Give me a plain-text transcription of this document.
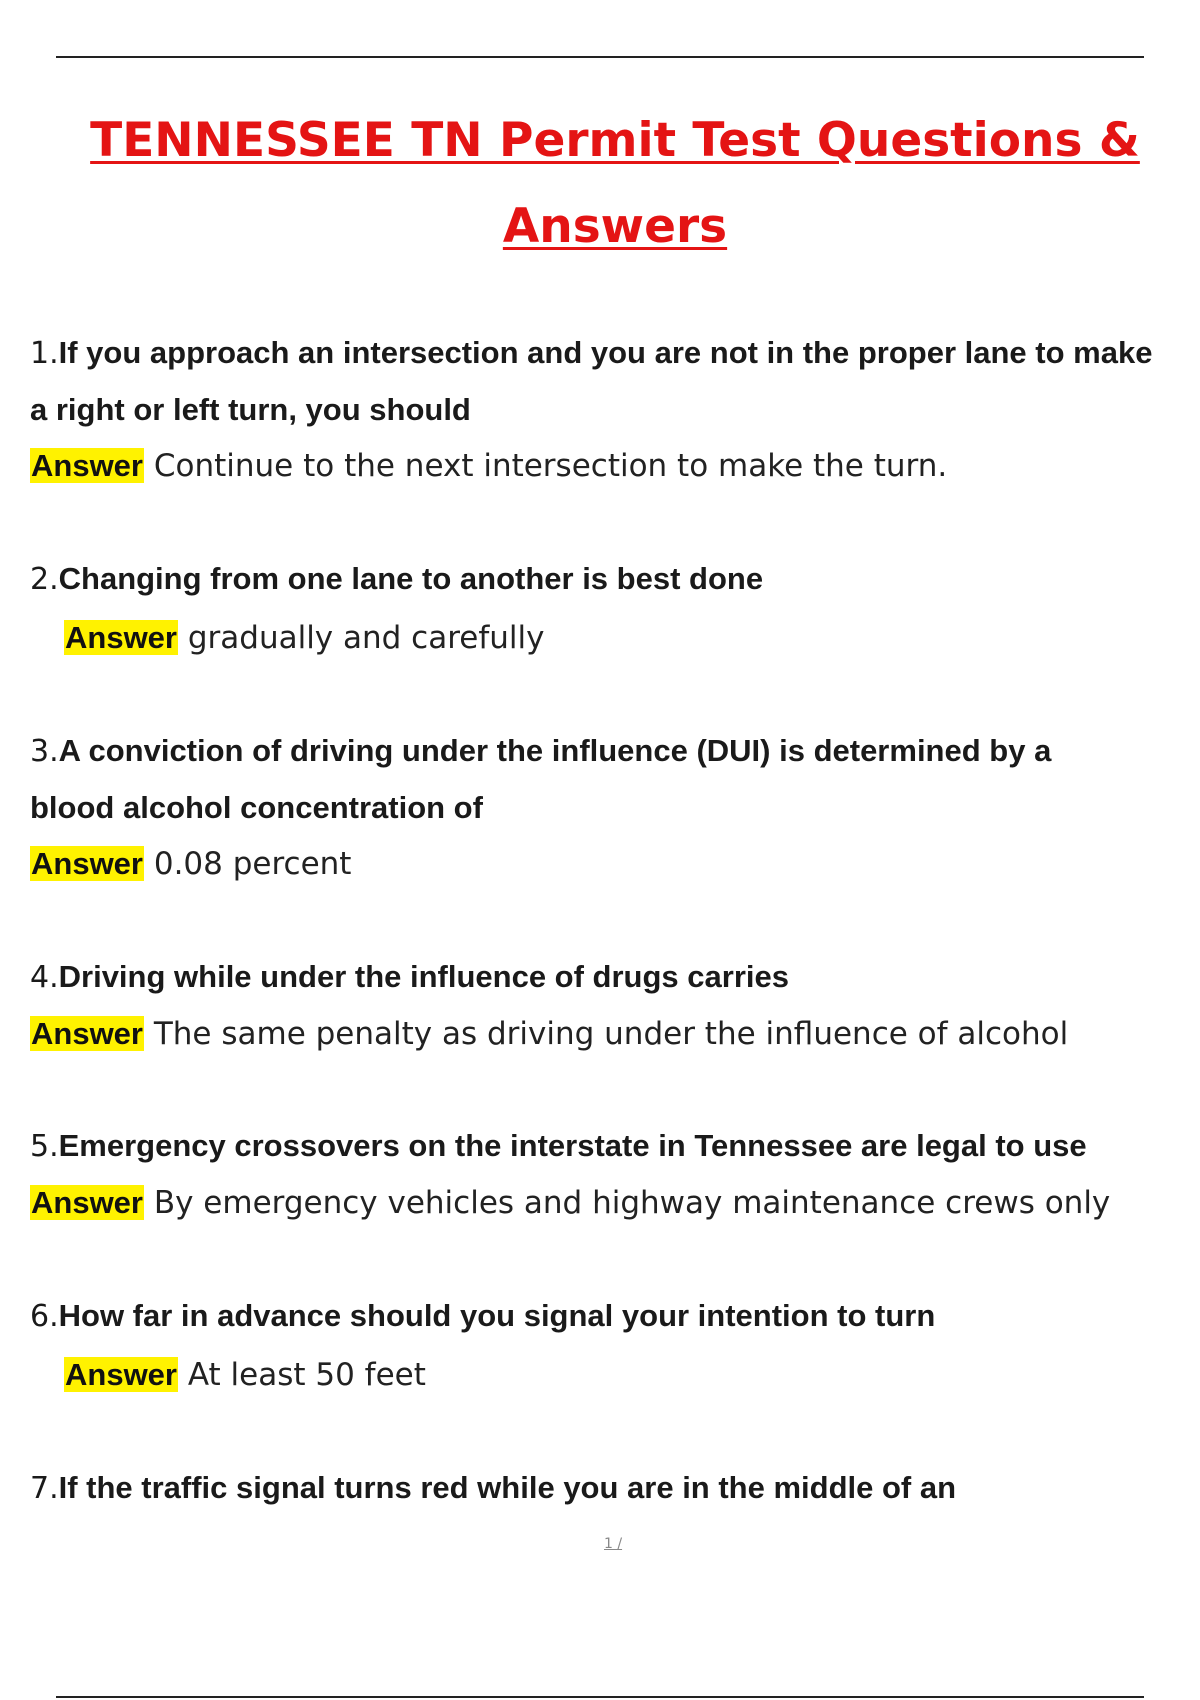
TENNESSEE TN Permit Test Questions &
Answers
1.If you approach an intersection and you are not in the proper lane to make
a right or left turn, you should
Answer Continue to the next intersection to make the turn.
2.Changing from one lane to another is best done
Answer gradually and carefully
3.A conviction of driving under the influence (DUI) is determined by a
blood alcohol concentration of
Answer 0.08 percent
4.Driving while under the influence of drugs carries
Answer The same penalty as driving under the influence of alcohol
5.Emergency crossovers on the interstate in Tennessee are legal to use
Answer By emergency vehicles and highway maintenance crews only
6.How far in advance should you signal your intention to turn
Answer At least 50 feet
7.If the traffic signal turns red while you are in the middle of an
1 /
